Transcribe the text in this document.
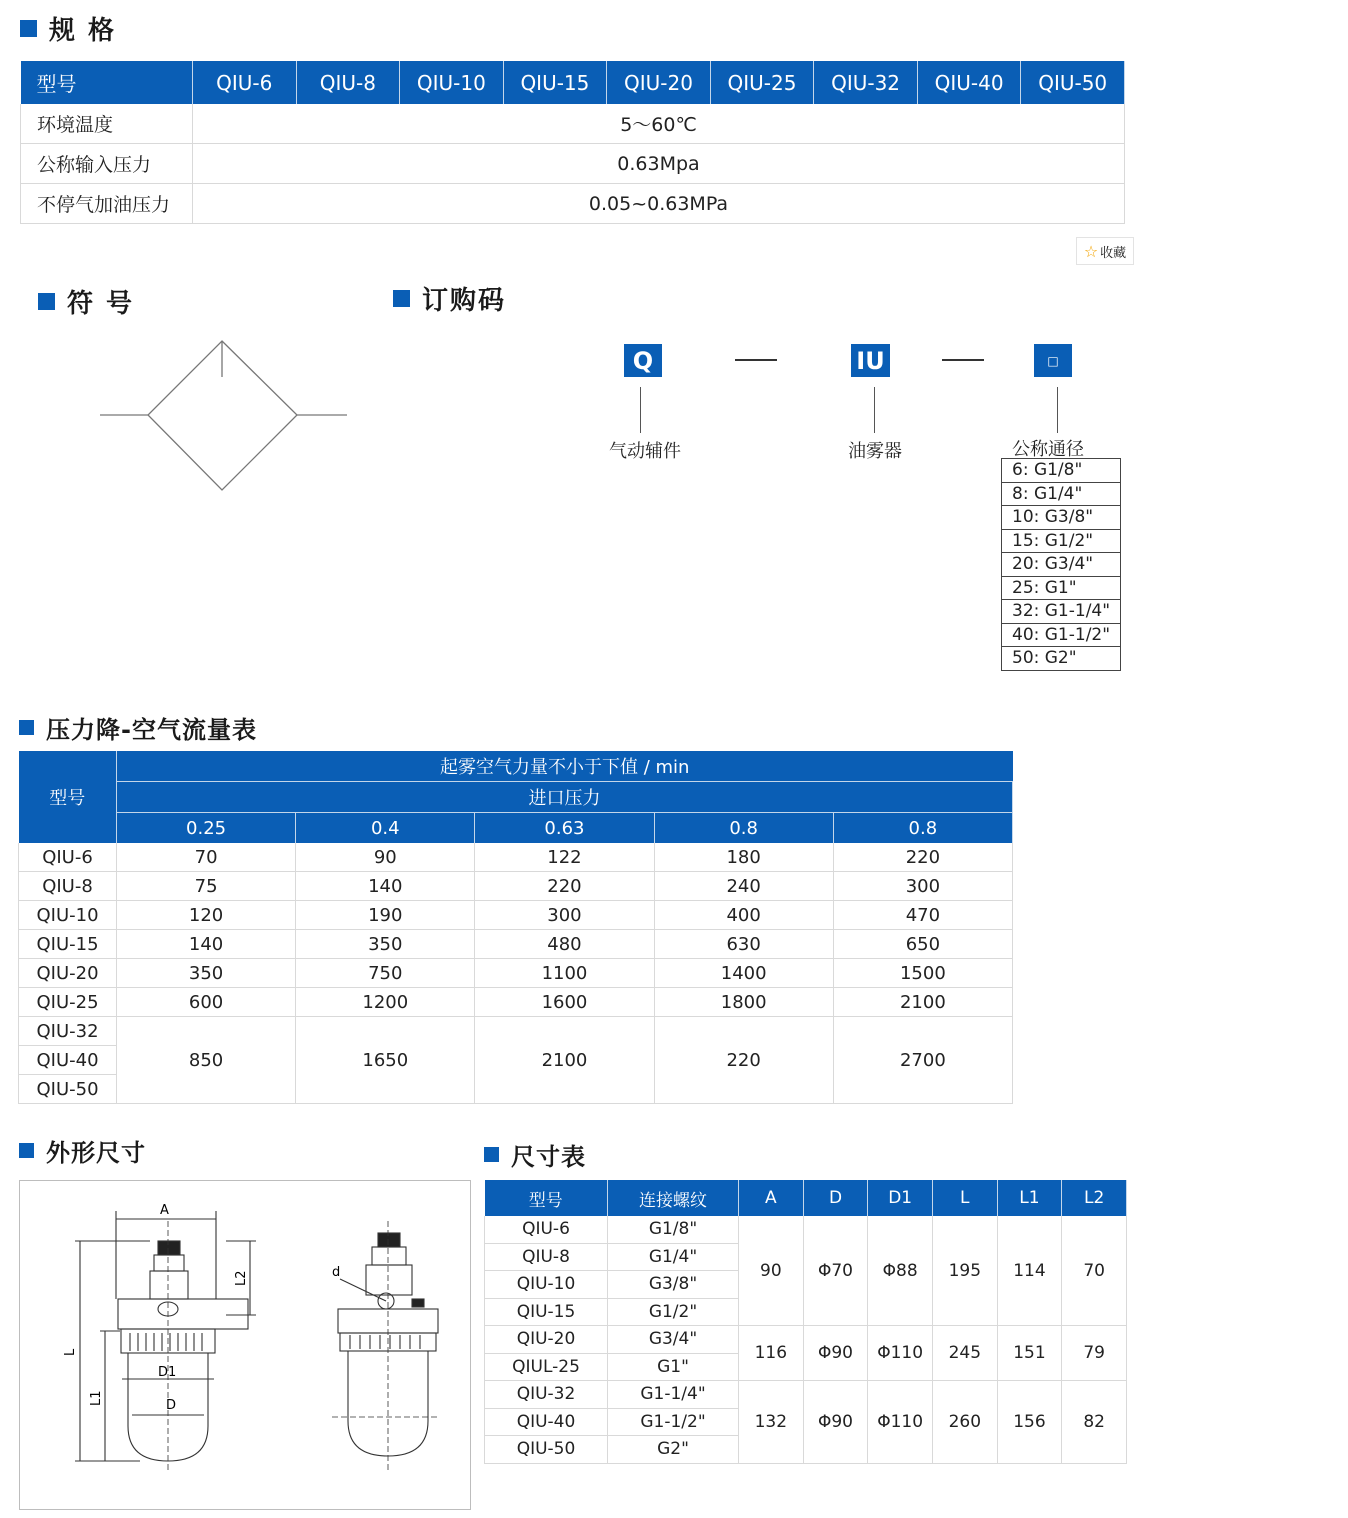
规 格
型号	QIU-6	QIU-8	QIU-10	QIU-15	QIU-20	QIU-25	QIU-32	QIU-40	QIU-50
环境温度	5～60℃								
公称输入压力	0.63Mpa								
不停气加油压力	0.05~0.63MPa								
☆ 收藏
符 号	订购码
Q	IU	□
气动辅件	油雾器	公称通径
6: G1/8"
8: G1/4"
10: G3/8"
15: G1/2"
20: G3/4"
25: G1"
32: G1-1/4"
40: G1-1/2"
50: G2"
压力降-空气流量表
型号	起雾空气力量不小于下值 / min				
	进口压力				
	0.25	0.4	0.63	0.8	0.8
QIU-6	70	90	122	180	220
QIU-8	75	140	220	240	300
QIU-10	120	190	300	400	470
QIU-15	140	350	480	630	650
QIU-20	350	750	1100	1400	1500
QIU-25	600	1200	1600	1800	2100
QIU-32	850	1650	2100	220	2700
QIU-40					
QIU-50					
外形尺寸
A
L2
L
L1
D1
D
d
尺寸表
型号	连接螺纹	A	D	D1	L	L1	L2
QIU-6	G1/8"	90	Φ70	Φ88	195	114	70
QIU-8	G1/4"						
QIU-10	G3/8"						
QIU-15	G1/2"						
QIU-20	G3/4"	116	Φ90	Φ110	245	151	79
QIUL-25	G1"						
QIU-32	G1-1/4"	132	Φ90	Φ110	260	156	82
QIU-40	G1-1/2"						
QIU-50	G2"						
